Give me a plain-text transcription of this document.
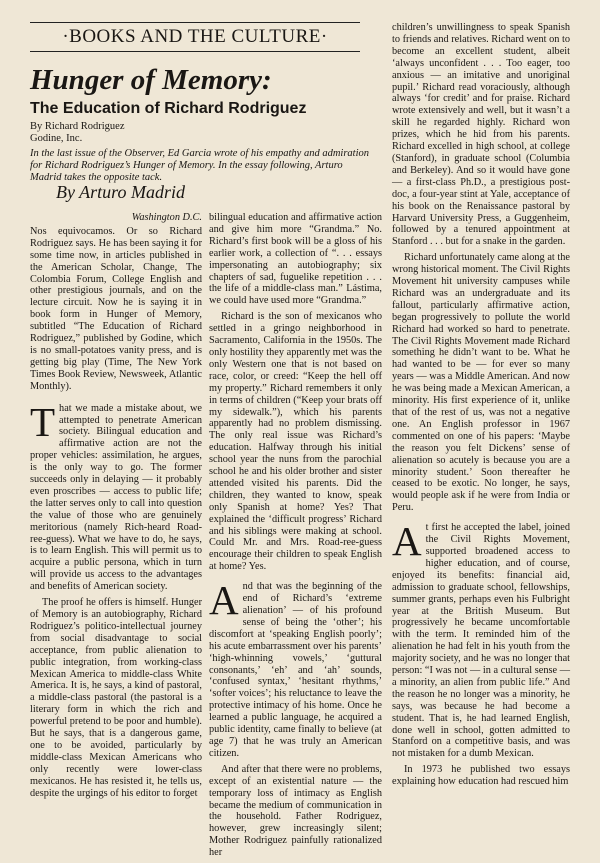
·BOOKS AND THE CULTURE·
Hunger of Memory:
The Education of Richard Rodriguez
By Richard Rodriguez
Godine, Inc.
In the last issue of the Observer, Ed Garcia wrote of his empathy and admiration for Richard Rodriguez’s Hunger of Memory. In the essay following, Arturo Madrid takes the opposite tack.
By Arturo Madrid
Washington D.C.

Nos equivocamos. Or so Richard Rodriguez says. He has been saying it for some time now, in articles published in the American Scholar, Change, The Colombia Forum, College English and other prestigious journals, and on the lecture circuit. Now he is saying it in book form in Hunger of Memory, subtitled “The Education of Richard Rodriguez,” published by Godine, which is no small-potatoes vanity press, and is getting big play (Time, The New York Times Book Review, Newsweek, Atlantic Monthly).

That we made a mistake about, we attempted to penetrate American society. Bilingual education and affirmative action are not the proper vehicles: assimilation, he argues, is the only way to go. The former succeeds only in delaying — it probably even proscribes — access to public life; the latter serves only to call into question the value of those who are genuinely meritorious (namely Rich-heard Road-ree-guess). What we have to do, he says, is to learn English. This will permit us to acquire a public persona, which in turn will provide us access to the advantages and benefits of American society.

The proof he offers is himself. Hunger of Memory is an autobiography, Richard Rodriguez’s politico-intellectual journey from social disadvantage to social acceptance, from public alienation to public integration, from working-class Mexican America to middle-class White America. It is, he says, a kind of pastoral, a middle-class pastoral (the pastoral is a literary form in which the rich and powerful pretend to be poor and humble). But he says, that is a dangerous game, one to be avoided, particularly by middle-class Mexican Americans who only recently were lower-class mexicanos. He has resisted it, he tells us, despite the urgings of his editor to forget

bilingual education and affirmative action and give him more “Grandma.” No. Richard’s first book will be a gloss of his earlier work, a collection of “. . . essays impersonating an autobiography; six chapters of sad, fuguelike repetition . . . the life of a middle-class man.” Lástima, we could have used more “Grandma.”

Richard is the son of mexicanos who settled in a gringo neighborhood in Sacramento, California in the 1950s. The only hostility they apparently met was the only Western one that is not based on race, color, or creed: “Keep the hell off my property.” Richard remembers it only in terms of children (“Keep your brats off my sidewalk.”), which his parents apparently had no problem dismissing. The only real issue was Richard’s education. Halfway through his initial school year the nuns from the parochial school he and his older brother and sister attended visited his parents. Did the children, they wanted to know, speak only Spanish at home? Yes? That explained the ‘difficult progress’ Richard and his siblings were making at school. Could Mr. and Mrs. Road-ree-guess encourage their children to speak English at home? Yes.

And that was the beginning of the end of Richard’s ‘extreme alienation’ — of his profound sense of being the ‘other’; his discomfort at ‘speaking English poorly’; his acute embarrassment over his parents’ ‘high-whinning vowels,’ ‘guttural consonants,’ ‘eh’ and ‘ah’ sounds, ‘confused syntax,’ ‘hesitant rhythms,’ ‘softer voices’; his reluctance to leave the protective intimacy of his home. Once he learned a public language, he acquired a public identity, came finally to believe (at age 7) that he was truly an American citizen.

And after that there were no problems, except of an existential nature — the temporary loss of intimacy as English became the medium of communication in the household. Father Rodriguez, however, grew increasingly silent; Mother Rodriguez painfully rationalized her

children’s unwillingness to speak Spanish to friends and relatives. Richard went on to become an excellent student, albeit ‘always unconfident . . . Too eager, too anxious — an imitative and unoriginal pupil.’ Richard read voraciously, although always ‘for credit’ and for praise. Richard wrote extensively and well, but it wasn’t a skill he regarded highly. Richard won prizes, which he hid from his parents. Richard excelled in high school, at college (Stanford), in graduate school (Columbia and Berkeley). And so it would have gone — a first-class Ph.D., a prestigious post-doc, a four-year stint at Yale, acceptance of his book on the Renaissance pastoral by Harvard University Press, a Guggenheim, followed by a tenured appointment at Stanford . . . but for a snake in the garden.

Richard unfortunately came along at the wrong historical moment. The Civil Rights Movement hit university campuses while Richard was an undergraduate and its fallout, particularly affirmative action, began progressively to pollute the world Richard had worked so hard to penetrate. The Civil Rights Movement made Richard something he didn’t want to be. What he had wanted to be — for ever so many years — was a Middle American. And now he was being made a Mexican American, a minority. His first experience of it, unlike that of the rest of us, was not a negative one. An English professor in 1967 commented on one of his papers: ‘Maybe the reason you felt Dickens’ sense of alienation so acutely is because you are a minority student.’ Soon thereafter he ceased to be exotic. No longer, he says, would people ask if he were from India or Peru.

At first he accepted the label, joined the Civil Rights Movement, supported broadened access to higher education, and of course, enjoyed its benefits: financial aid, admission to graduate school, fellowships, summer grants, perhaps even his Fulbright year at the British Museum. But progressively he became uncomfortable with the term. It reminded him of the alienation he had felt in his youth from the majority society, and he was no longer that person: “I was not — in a cultural sense — a minority, an alien from public life.” And the reason he no longer was a minority, he says, was because he had become a student. That is, he had learned English, done well in school, gotten admitted to Stanford on a competitive basis, and was not mistaken for a dumb Mexican.

In 1973 he published two essays explaining how education had rescued him
